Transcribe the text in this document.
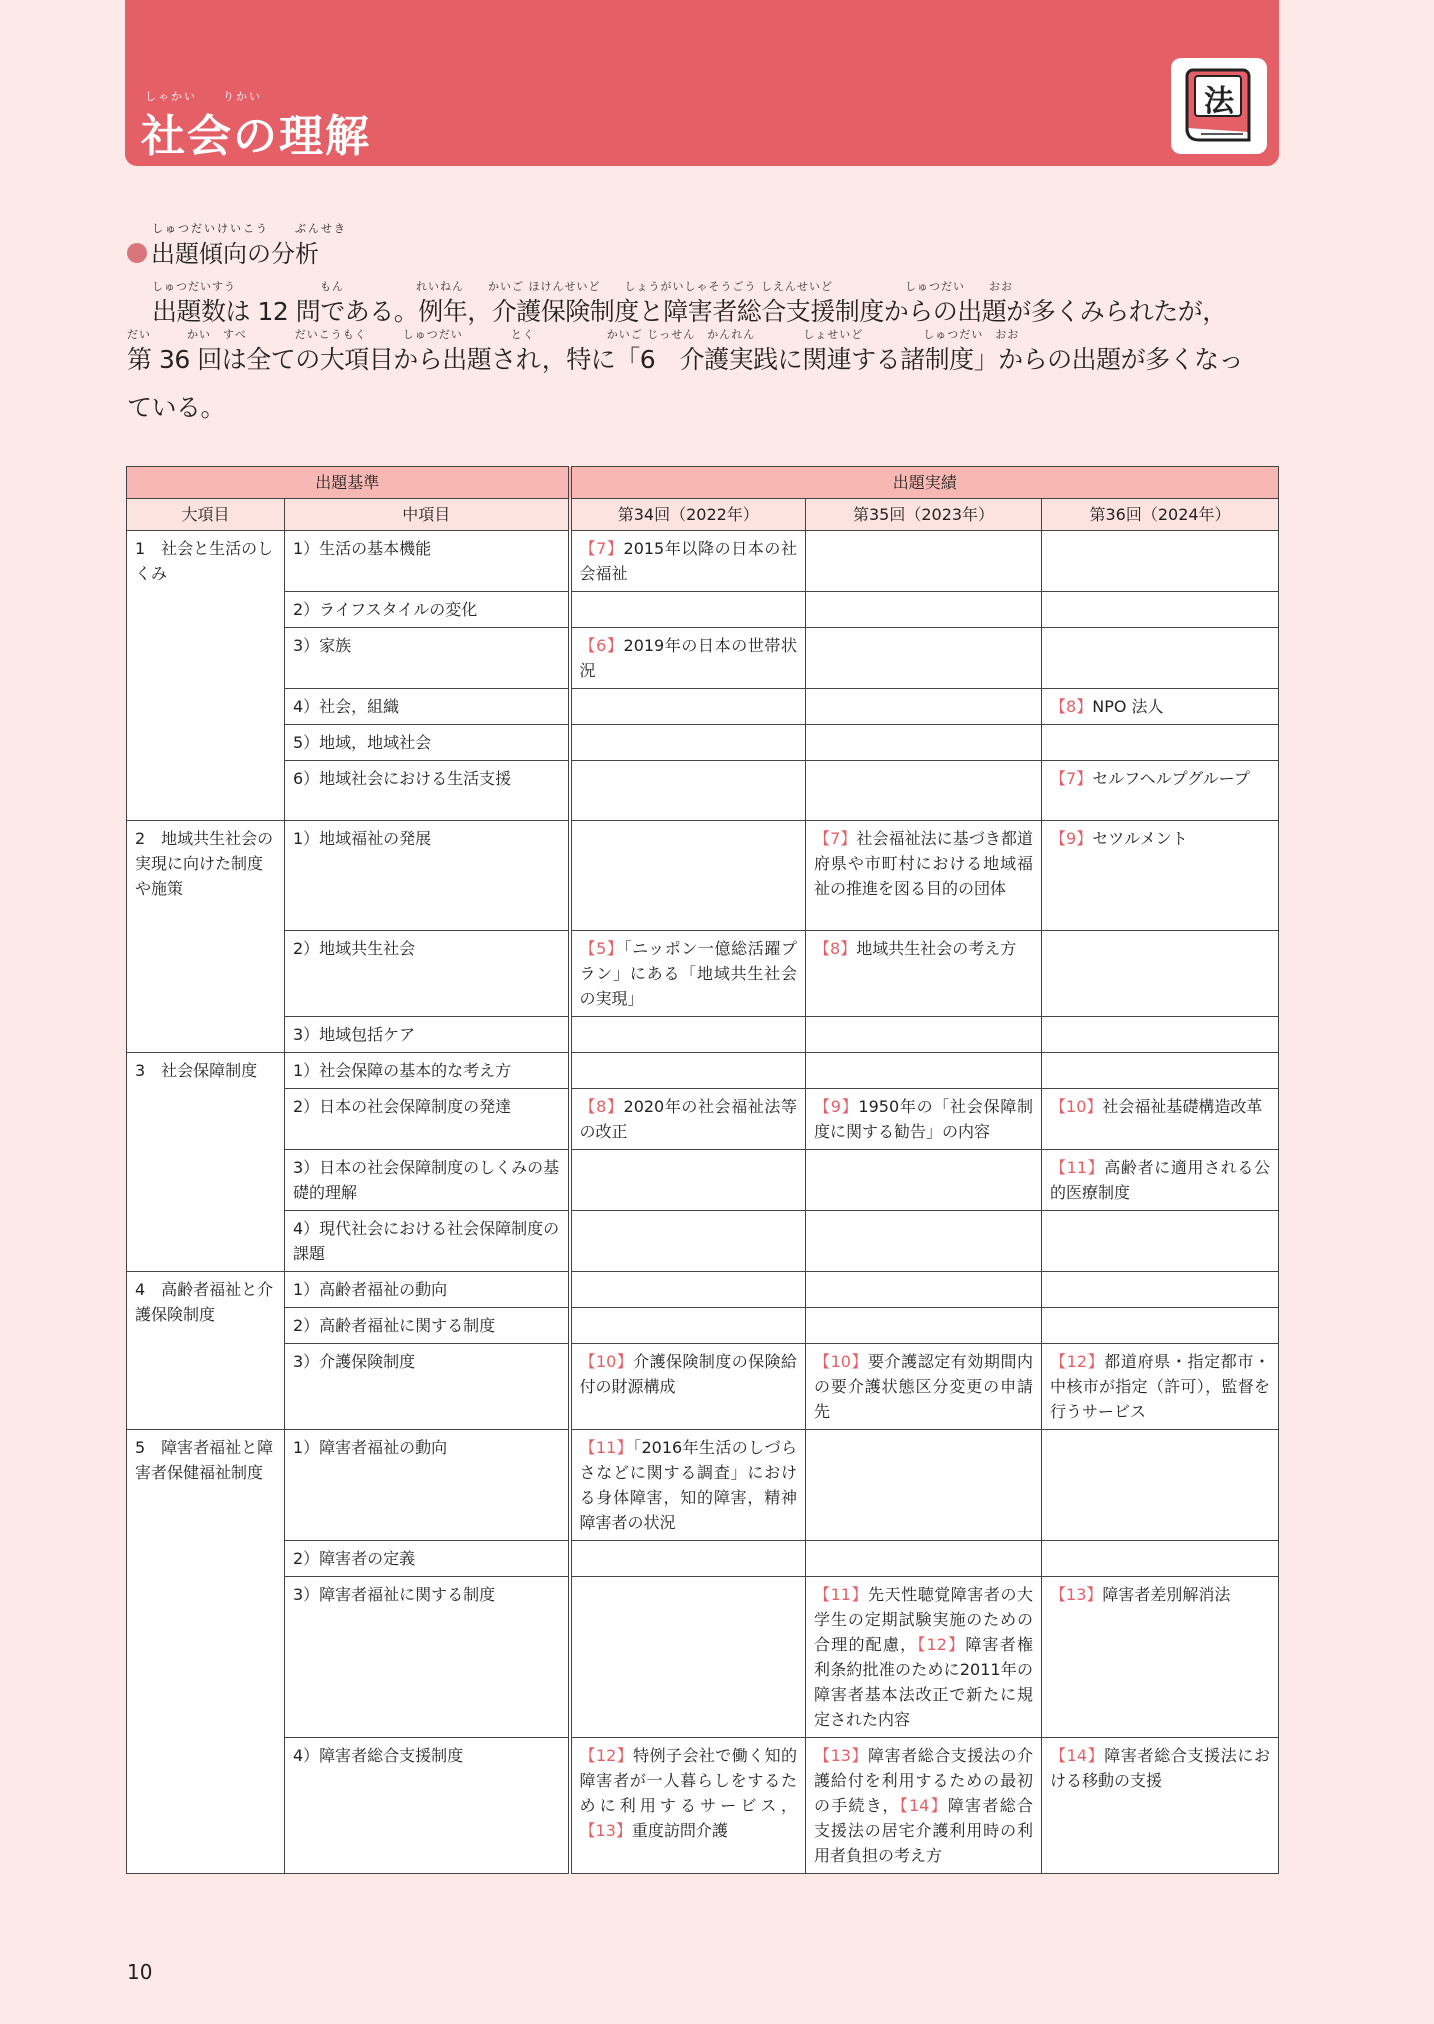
しゃかい　　りかい
社会の理解
法
しゅつだいけいこう　　ぶんせき
出題傾向の分析
しゅつだいすう　　　　　　　もん　　　　　　れいねん　　かいご ほけんせいど　　しょうがいしゃそうごう しえんせいど　　　　　　しゅつだい　　おお
だい　　　かい　すべ　　　　だいこうもく　　　しゅつだい　　　　とく　　　　　　かいご じっせん　かんれん　　　　しょせいど　　　　　しゅつだい　おお

出題数は 12 問である。例年，介護保険制度と障害者総合支援制度からの出題が多くみられたが，

第 36 回は全ての大項目から出題され，特に「6　介護実践に関連する諸制度」からの出題が多くなっ

ている。

出題基準		出題実績		
大項目	中項目	第34回（2022年）	第35回（2023年）	第36回（2024年）
1　社会と生活のしくみ	1）生活の基本機能	【7】2015年以降の日本の社会福祉		
	2）ライフスタイルの変化			
	3）家族	【6】2019年の日本の世帯状況		
	4）社会，組織			【8】NPO 法人
	5）地域，地域社会			
	6）地域社会における生活支援			【7】セルフヘルプグループ
2　地域共生社会の実現に向けた制度や施策	1）地域福祉の発展		【7】社会福祉法に基づき都道府県や市町村における地域福祉の推進を図る目的の団体	【9】セツルメント
	2）地域共生社会	【5】「ニッポン一億総活躍プラン」にある「地域共生社会の実現」	【8】地域共生社会の考え方	
	3）地域包括ケア			
3　社会保障制度	1）社会保障の基本的な考え方			
	2）日本の社会保障制度の発達	【8】2020年の社会福祉法等の改正	【9】1950年の「社会保障制度に関する勧告」の内容	【10】社会福祉基礎構造改革
	3）日本の社会保障制度のしくみの基礎的理解			【11】高齢者に適用される公的医療制度
	4）現代社会における社会保障制度の課題			
4　高齢者福祉と介護保険制度	1）高齢者福祉の動向			
	2）高齢者福祉に関する制度			
	3）介護保険制度	【10】介護保険制度の保険給付の財源構成	【10】要介護認定有効期間内の要介護状態区分変更の申請先	【12】都道府県・指定都市・中核市が指定（許可），監督を行うサービス
5　障害者福祉と障害者保健福祉制度	1）障害者福祉の動向	【11】「2016年生活のしづらさなどに関する調査」における身体障害，知的障害，精神障害者の状況		
	2）障害者の定義			
	3）障害者福祉に関する制度		【11】先天性聴覚障害者の大学生の定期試験実施のための合理的配慮，【12】障害者権利条約批准のために2011年の障害者基本法改正で新たに規定された内容	【13】障害者差別解消法
	4）障害者総合支援制度	【12】特例子会社で働く知的障害者が一人暮らしをするために利用するサービス，【13】重度訪問介護	【13】障害者総合支援法の介護給付を利用するための最初の手続き，【14】障害者総合支援法の居宅介護利用時の利用者負担の考え方	【14】障害者総合支援法における移動の支援
10
